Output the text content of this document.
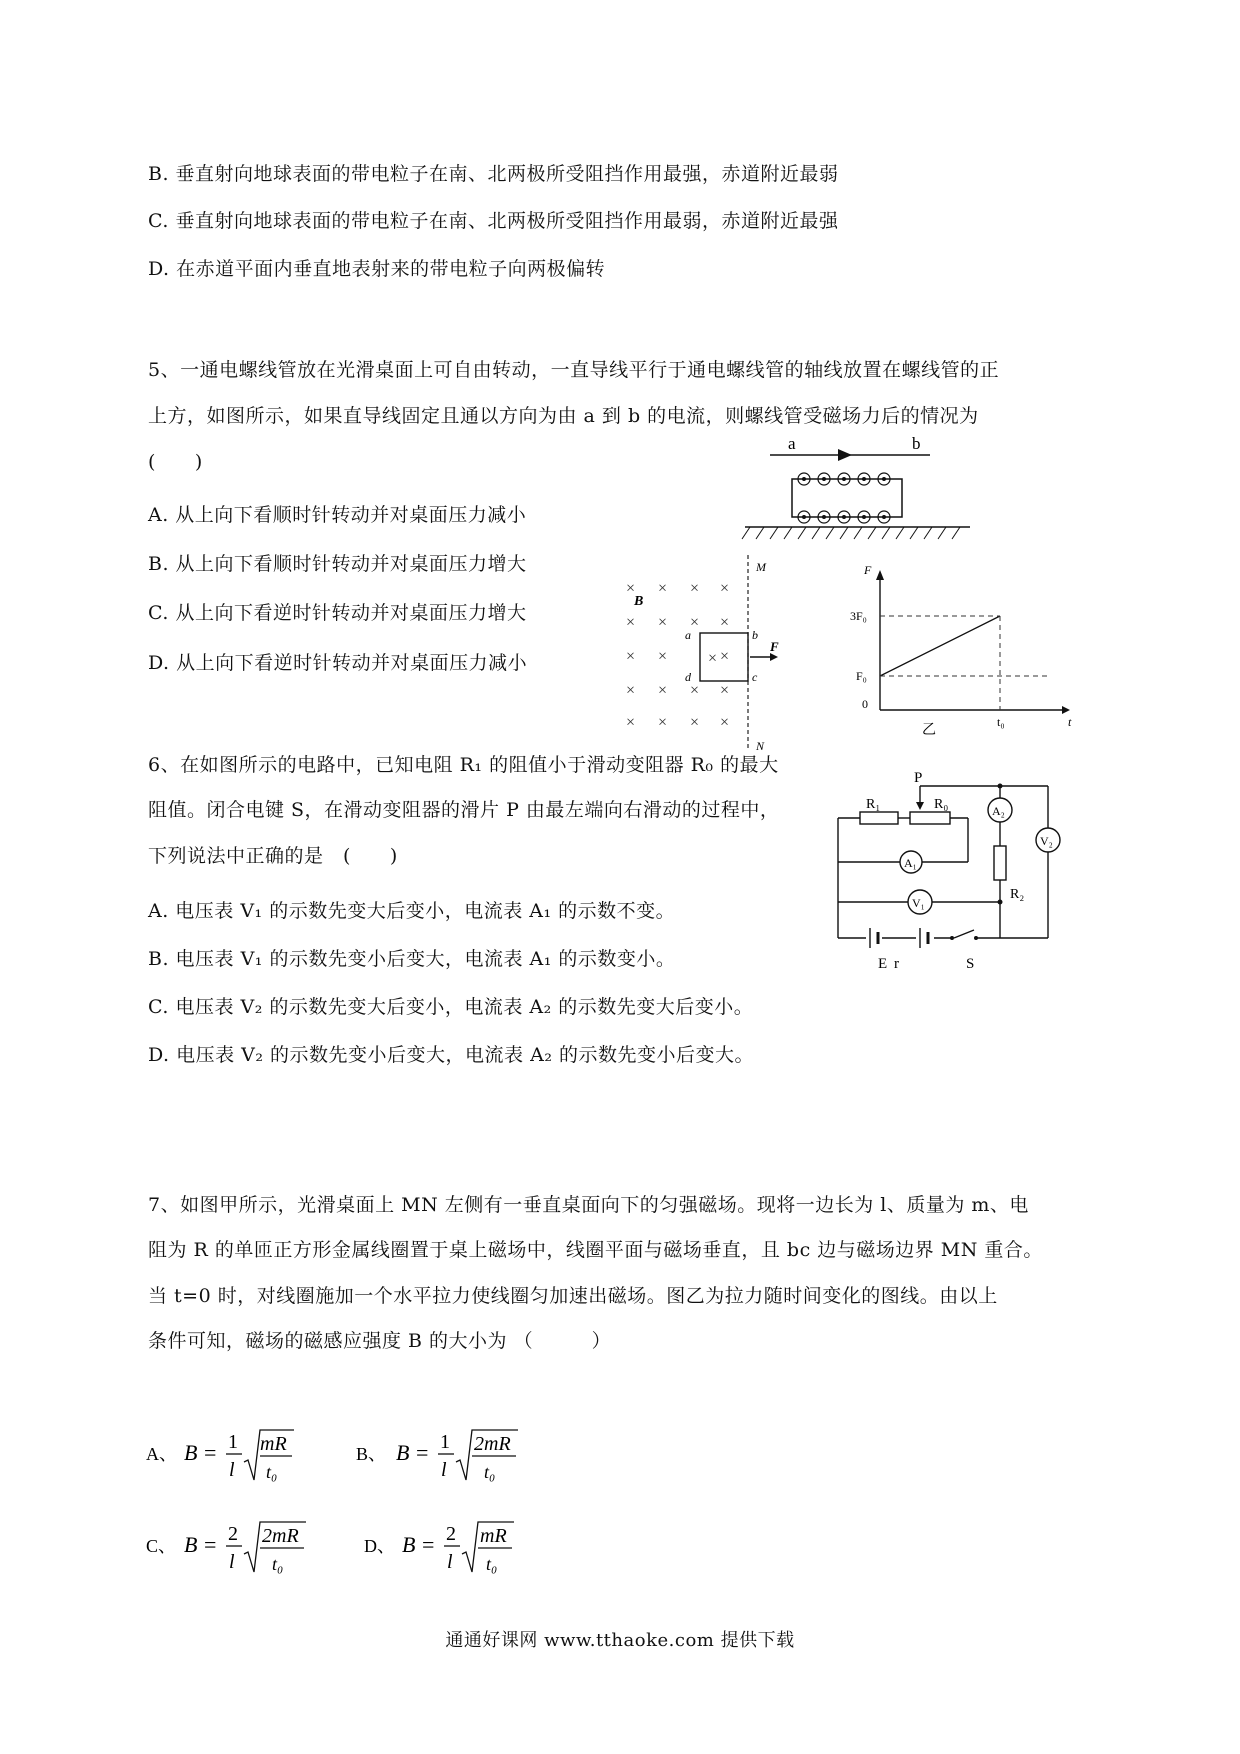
B. 垂直射向地球表面的带电粒子在南、北两极所受阻挡作用最强，赤道附近最弱
C. 垂直射向地球表面的带电粒子在南、北两极所受阻挡作用最弱，赤道附近最强
D. 在赤道平面内垂直地表射来的带电粒子向两极偏转
5、一通电螺线管放在光滑桌面上可自由转动，一直导线平行于通电螺线管的轴线放置在螺线管的正
上方，如图所示，如果直导线固定且通以方向为由 a 到 b 的电流，则螺线管受磁场力后的情况为
(　　)
A. 从上向下看顺时针转动并对桌面压力减小
B. 从上向下看顺时针转动并对桌面压力增大
C. 从上向下看逆时针转动并对桌面压力增大
D. 从上向下看逆时针转动并对桌面压力减小
a	b
× × × ×
× × × ×
× ×	×
× × × ×
× × × ×
B
M
N
×
a	b
c
d
F
F
t
3F₀
F₀
0
t₀
乙
6、在如图所示的电路中，已知电阻 R₁ 的阻值小于滑动变阻器 R₀ 的最大
阻值。闭合电键 S，在滑动变阻器的滑片 P 由最左端向右滑动的过程中，
下列说法中正确的是　(　　)
A. 电压表 V₁ 的示数先变大后变小，电流表 A₁ 的示数不变。
B. 电压表 V₁ 的示数先变小后变大，电流表 A₁ 的示数变小。
C. 电压表 V₂ 的示数先变大后变小，电流表 A₂ 的示数先变大后变小。
D. 电压表 V₂ 的示数先变小后变大，电流表 A₂ 的示数先变小后变大。
P
R₁	R₀	A₂
A₁
V₁
V₂
R₂
E r	S
7、如图甲所示，光滑桌面上 MN 左侧有一垂直桌面向下的匀强磁场。现将一边长为 l、质量为 m、电
阻为 R 的单匝正方形金属线圈置于桌上磁场中，线圈平面与磁场垂直，且 bc 边与磁场边界 MN 重合。
当 t=0 时，对线圈施加一个水平拉力使线圈匀加速出磁场。图乙为拉力随时间变化的图线。由以上
条件可知，磁场的磁感应强度 B 的大小为 （　　　）
A、 B = 1
l
mR
t₀
B、 B = 1
l
2mR
t₀
C、 B = 2
l
2mR
t₀
D、 B = 2
l
mR
t₀
通通好课网 www.tthaoke.com 提供下载
